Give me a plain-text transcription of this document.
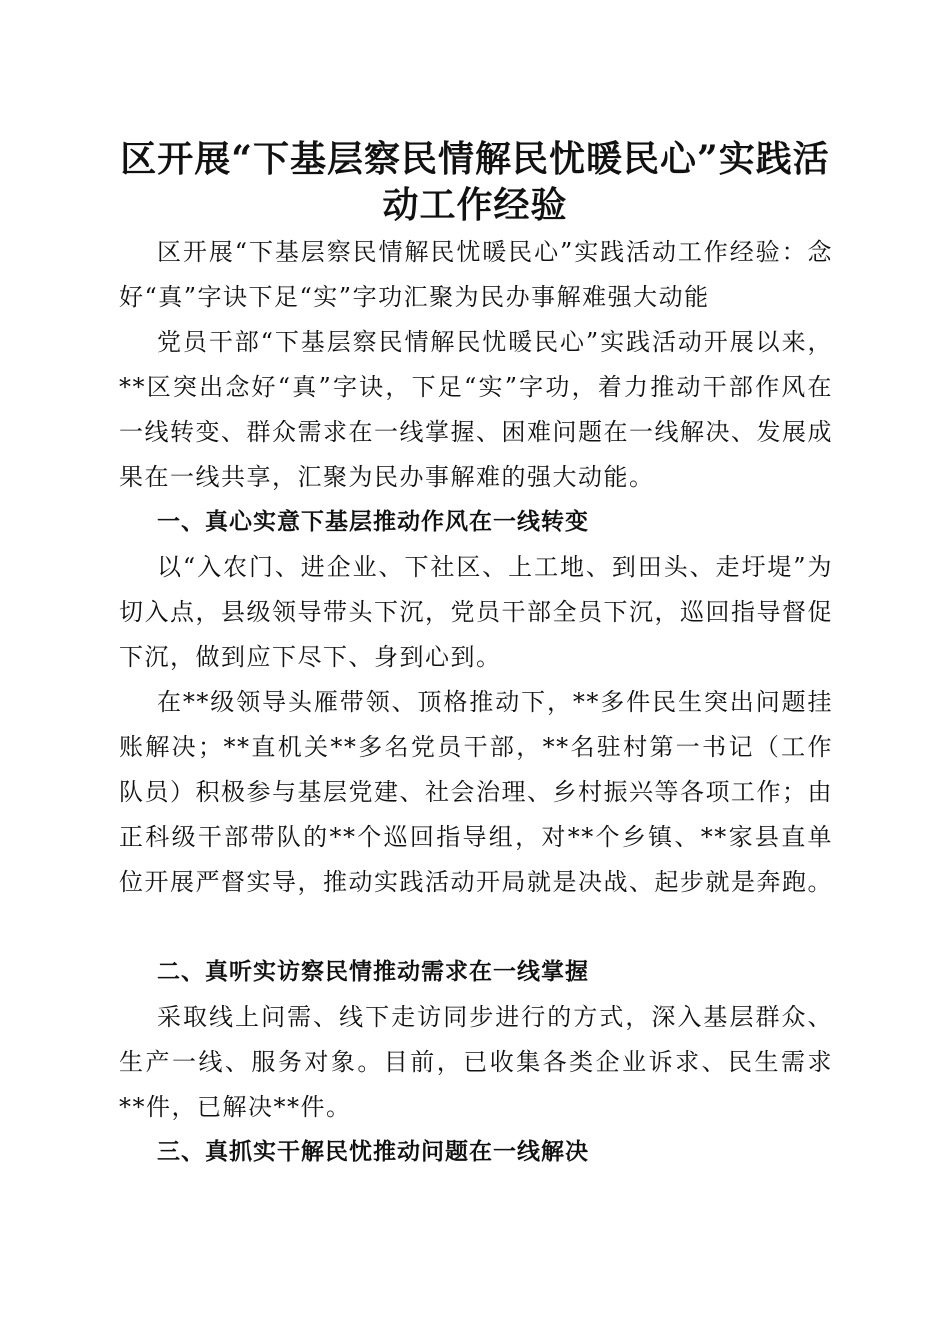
区开展“下基层察民情解民忧暖民心”实践活
动工作经验

区开展“下基层察民情解民忧暖民心”实践活动工作经验：念好“真”字诀下足“实”字功汇聚为民办事解难强大动能

党员干部“下基层察民情解民忧暖民心”实践活动开展以来，**区突出念好“真”字诀，下足“实”字功，着力推动干部作风在一线转变、群众需求在一线掌握、困难问题在一线解决、发展成果在一线共享，汇聚为民办事解难的强大动能。

一、真心实意下基层推动作风在一线转变

以“入农门、进企业、下社区、上工地、到田头、走圩堤”为切入点，县级领导带头下沉，党员干部全员下沉，巡回指导督促下沉，做到应下尽下、身到心到。

在**级领导头雁带领、顶格推动下，**多件民生突出问题挂账解决；**直机关**多名党员干部，**名驻村第一书记（工作队员）积极参与基层党建、社会治理、乡村振兴等各项工作；由正科级干部带队的**个巡回指导组，对**个乡镇、**家县直单位开展严督实导，推动实践活动开局就是决战、起步就是奔跑。

二、真听实访察民情推动需求在一线掌握

采取线上问需、线下走访同步进行的方式，深入基层群众、生产一线、服务对象。目前，已收集各类企业诉求、民生需求**件，已解决**件。

三、真抓实干解民忧推动问题在一线解决
